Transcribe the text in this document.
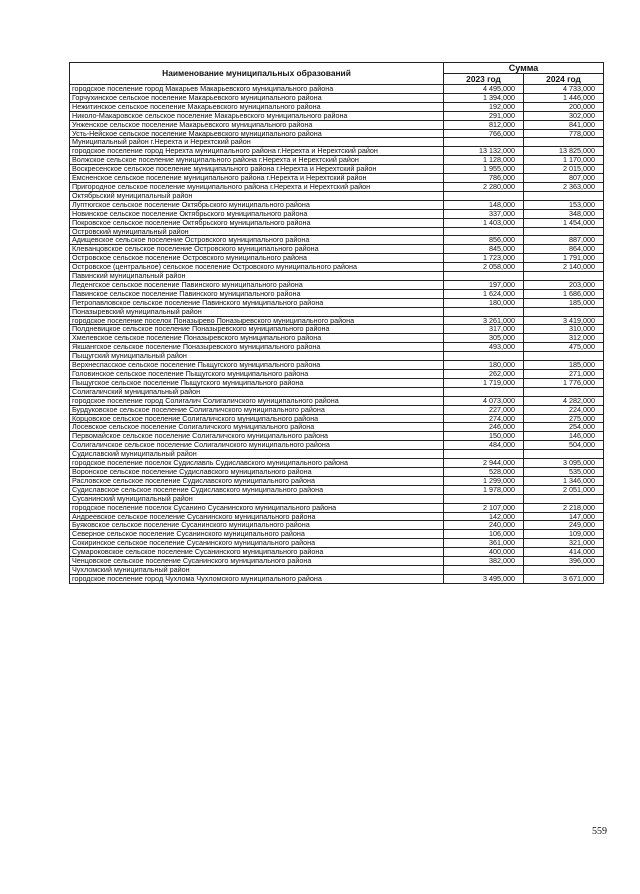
Наименование муниципальных образований	Сумма	
	2023 год	2024 год
городское поселение город Макарьев Макарьевского муниципального района	4 495,000	4 733,000
Горчухинское сельское поселение Макарьевского муниципального района	1 394,000	1 446,000
Нежитинское сельское поселение Макарьевского муниципального района	192,000	200,000
Николо-Макаровское сельское поселение Макарьевского муниципального района	291,000	302,000
Унженское сельское поселение Макарьевского муниципального района	812,000	841,000
Усть-Нейское сельское поселение Макарьевского муниципального района	766,000	778,000
Муниципальный район г.Нерехта и Нерехтский район		
городское поселение город Нерехта муниципального района г.Нерехта и Нерехтский район	13 132,000	13 825,000
Волжское сельское поселение муниципального района г.Нерехта и Нерехтский район	1 128,000	1 170,000
Воскресенское сельское поселение муниципального района г.Нерехта и Нерехтский район	1 955,000	2 015,000
Емсненское сельское поселение муниципального района г.Нерехта и Нерехтский район	786,000	807,000
Пригородное сельское поселение муниципального района г.Нерехта и Нерехтский район	2 280,000	2 363,000
Октябрьский муниципальный район		
Луптюгское сельское поселение Октябрьского муниципального района	148,000	153,000
Новинское сельское поселение Октябрьского муниципального района	337,000	348,000
Покровское сельское поселение Октябрьского муниципального района	1 403,000	1 454,000
Островский муниципальный район		
Адищевское сельское поселение Островского муниципального района	856,000	887,000
Клеванцовское сельское поселение Островского муниципального района	845,000	864,000
Островское сельское поселение Островского муниципального района	1 723,000	1 791,000
Островское (центральное) сельское поселение Островского муниципального района	2 058,000	2 140,000
Павинский муниципальный район		
Леденгское сельское поселение Павинского муниципального района	197,000	203,000
Павинское сельское поселение Павинского муниципального района	1 624,000	1 686,000
Петропавловское сельское поселение Павинского муниципального района	180,000	185,000
Поназыревский муниципальный район		
городское поселение поселок Поназырево Поназыревского муниципального района	3 261,000	3 419,000
Полдневицкое сельское поселение Поназыревского муниципального района	317,000	310,000
Хмелевское сельское поселение Поназыревского муниципального района	305,000	312,000
Якшангское сельское поселение Поназыревского муниципального района	493,000	475,000
Пыщугский муниципальный район		
Верхнеспасское сельское поселение Пыщугского муниципального района	180,000	185,000
Головинское сельское поселение Пыщугского муниципального района	262,000	271,000
Пыщугское сельское поселение Пыщугского муниципального района	1 719,000	1 776,000
Солигаличский муниципальный район		
городское поселение город Солигалич Солигаличского муниципального района	4 073,000	4 282,000
Бурдуковское сельское поселение Солигаличского муниципального района	227,000	224,000
Корцовское сельское поселение Солигаличского муниципального района	274,000	275,000
Лосевское сельское поселение Солигаличского муниципального района	246,000	254,000
Первомайское сельское поселение Солигаличского муниципального района	150,000	146,000
Солигаличское сельское поселение Солигаличского муниципального района	484,000	504,000
Судиславский муниципальный район		
городское поселение поселок Судиславль Судиславского муниципального района	2 944,000	3 095,000
Воронское сельское поселение Судиславского муниципального района	528,000	535,000
Расловское сельское поселение Судиславского муниципального района	1 299,000	1 346,000
Судиславское сельское поселение Судиславского муниципального района	1 978,000	2 051,000
Сусанинский муниципальный район		
городское поселение поселок Сусанино Сусанинского муниципального района	2 107,000	2 218,000
Андреевское сельское поселение Сусанинского муниципального района	142,000	147,000
Буяковское сельское поселение Сусанинского муниципального района	240,000	249,000
Северное сельское поселение Сусанинского муниципального района	106,000	109,000
Сокиринское сельское поселение Сусанинского муниципального района	361,000	321,000
Сумароковское сельское поселение Сусанинского муниципального района	400,000	414,000
Ченцовское сельское поселение Сусанинского муниципального района	382,000	396,000
Чухломский муниципальный район		
городское поселение город Чухлома Чухломского муниципального района	3 495,000	3 671,000
559
